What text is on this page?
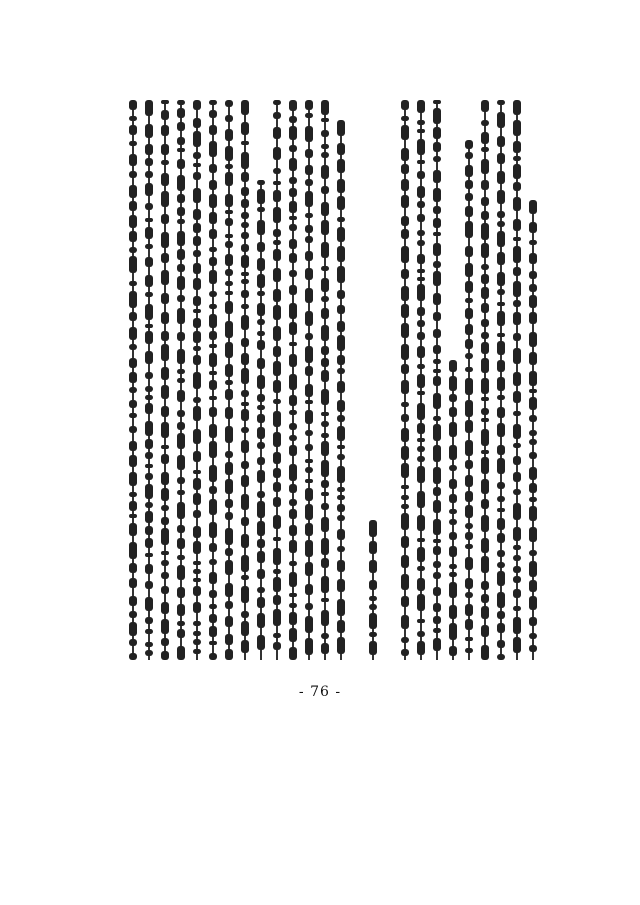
- 76 -
